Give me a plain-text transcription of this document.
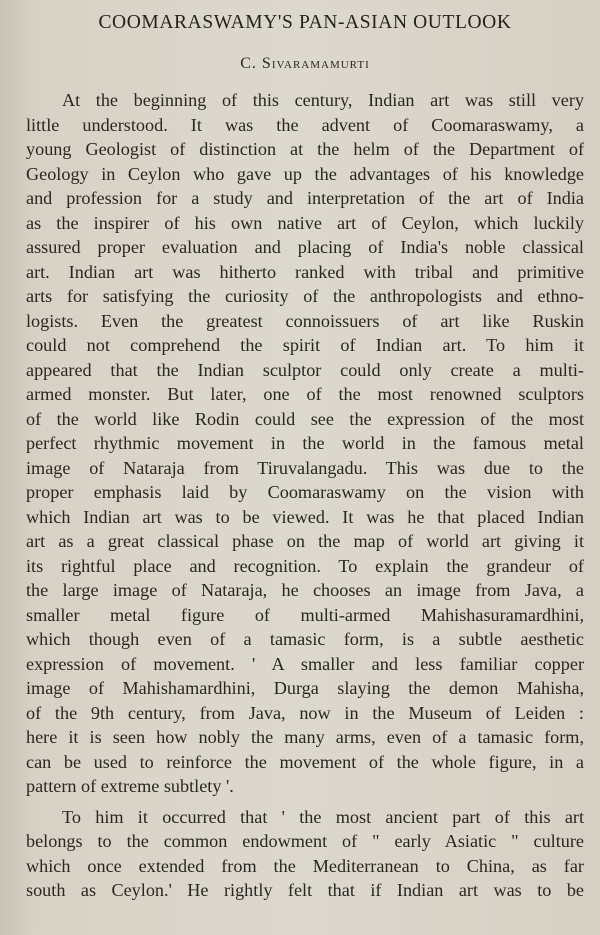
COOMARASWAMY'S PAN-ASIAN OUTLOOK
C. Sivaramamurti
At the beginning of this century, Indian art was still very
little understood. It was the advent of Coomaraswamy, a
young Geologist of distinction at the helm of the Department of
Geology in Ceylon who gave up the advantages of his knowledge
and profession for a study and interpretation of the art of India
as the inspirer of his own native art of Ceylon, which luckily
assured proper evaluation and placing of India's noble classical
art. Indian art was hitherto ranked with tribal and primitive
arts for satisfying the curiosity of the anthropologists and ethno-
logists. Even the greatest connoissuers of art like Ruskin
could not comprehend the spirit of Indian art. To him it
appeared that the Indian sculptor could only create a multi-
armed monster. But later, one of the most renowned sculptors
of the world like Rodin could see the expression of the most
perfect rhythmic movement in the world in the famous metal
image of Nataraja from Tiruvalangadu. This was due to the
proper emphasis laid by Coomaraswamy on the vision with
which Indian art was to be viewed. It was he that placed Indian
art as a great classical phase on the map of world art giving it
its rightful place and recognition. To explain the grandeur of
the large image of Nataraja, he chooses an image from Java, a
smaller metal figure of multi-armed Mahishasuramardhini,
which though even of a tamasic form, is a subtle aesthetic
expression of movement. ' A smaller and less familiar copper
image of Mahishamardhini, Durga slaying the demon Mahisha,
of the 9th century, from Java, now in the Museum of Leiden :
here it is seen how nobly the many arms, even of a tamasic form,
can be used to reinforce the movement of the whole figure, in a
pattern of extreme subtlety '.
To him it occurred that ' the most ancient part of this art
belongs to the common endowment of " early Asiatic " culture
which once extended from the Mediterranean to China, as far
south as Ceylon.' He rightly felt that if Indian art was to be
